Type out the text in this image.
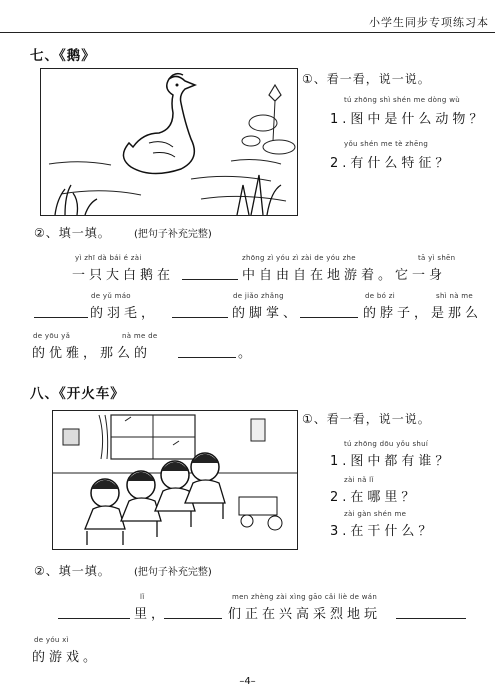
小学生同步专项练习本
七、《鹅》
①、看一看，说一说。
tú zhōng shì shén me dòng wù
1.图中是什么动物？
yǒu shén me tè zhēng
2.有什么特征？
②、填一填。 (把句子补充完整)
yì zhī dà bái é zài	zhōng zì yóu zì zài de yóu zhe	tā yì shēn
一只大白鹅在	中自由自在地游着。它一身
de yǔ máo	de jiǎo zhǎng	de bó zi	shì nà me
的羽毛，	的脚掌、	的脖子，是那么
de yōu yǎ	nà me de
的优雅，那么的	。
八、《开火车》
①、看一看，说一说。
tú zhōng dōu yǒu shuí
1.图中都有谁？
zài nǎ lǐ
2.在哪里？
zài gàn shén me
3.在干什么？
②、填一填。 (把句子补充完整)
lǐ	men zhèng zài xìng gāo cǎi liè de wán
里，	们正在兴高采烈地玩
de yóu xì
的游戏。
–4–
